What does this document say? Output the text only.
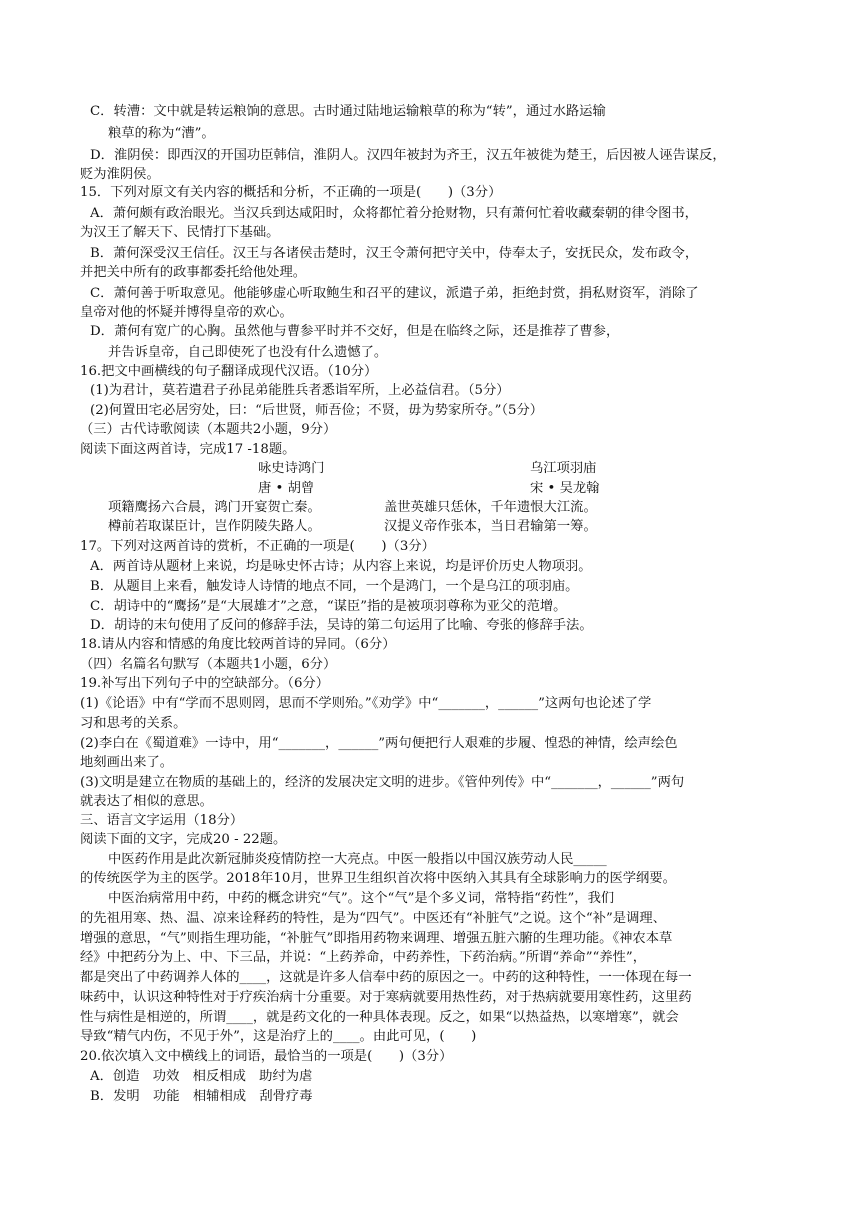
C．转漕：文中就是转运粮饷的意思。古时通过陆地运输粮草的称为“转”，通过水路运输
粮草的称为“漕”。
D．淮阴侯：即西汉的开国功臣韩信，淮阴人。汉四年被封为齐王，汉五年被徙为楚王，后因被人诬告谋反，
贬为淮阴侯。
15．下列对原文有关内容的概括和分析，不正确的一项是(　　)（3分）
A．萧何颇有政治眼光。当汉兵到达咸阳时，众将都忙着分抢财物，只有萧何忙着收藏秦朝的律令图书，
为汉王了解天下、民情打下基础。
B．萧何深受汉王信任。汉王与各诸侯击楚时，汉王令萧何把守关中，侍奉太子，安抚民众，发布政令，
并把关中所有的政事都委托给他处理。
C．萧何善于听取意见。他能够虚心听取鲍生和召平的建议，派遣子弟，拒绝封赏，捐私财资军，消除了
皇帝对他的怀疑并博得皇帝的欢心。
D．萧何有宽广的心胸。虽然他与曹参平时并不交好，但是在临终之际，还是推荐了曹参，
并告诉皇帝，自己即使死了也没有什么遗憾了。
16.把文中画横线的句子翻译成现代汉语。（10分）
(1)为君计，莫若遣君子孙昆弟能胜兵者悉诣军所，上必益信君。（5分）
(2)何置田宅必居穷处，曰：“后世贤，师吾俭；不贤，毋为势家所夺。”（5分）
（三）古代诗歌阅读（本题共2小题，9分）
阅读下面这两首诗，完成17 -18题。
咏史诗鸿门	乌江项羽庙
唐 • 胡曾	宋 • 吴龙翰
项籍鹰扬六合晨，鸿门开宴贺亡秦。	盖世英雄只恁休，千年遗恨大江流。
樽前若取谋臣计，岂作阴陵失路人。	汉提义帝作张本，当日君输第一筹。
17。下列对这两首诗的赏析，不正确的一项是(　　)（3分）
A．两首诗从题材上来说，均是咏史怀古诗；从内容上来说，均是评价历史人物项羽。
B．从题目上来看，触发诗人诗情的地点不同，一个是鸿门，一个是乌江的项羽庙。
C．胡诗中的“鹰扬”是“大展雄才”之意，“谋臣”指的是被项羽尊称为亚父的范增。
D．胡诗的末句使用了反问的修辞手法，吴诗的第二句运用了比喻、夸张的修辞手法。
18.请从内容和情感的角度比较两首诗的异同。（6分）
（四）名篇名句默写（本题共1小题，6分）
19.补写出下列句子中的空缺部分。（6分）
(1)《论语》中有“学而不思则罔，思而不学则殆。”《劝学》中“_______，______”这两句也论述了学
习和思考的关系。
(2)李白在《蜀道难》一诗中，用“_______，______”两句便把行人艰难的步履、惶恐的神情，绘声绘色
地刻画出来了。
(3)文明是建立在物质的基础上的，经济的发展决定文明的进步。《管仲列传》中“_______，______”两句
就表达了相似的意思。
三、语言文字运用（18分）
阅读下面的文字，完成20 - 22题。
中医药作用是此次新冠肺炎疫情防控一大亮点。中医一般指以中国汉族劳动人民_____
的传统医学为主的医学。2018年10月，世界卫生组织首次将中医纳入其具有全球影响力的医学纲要。
中医治病常用中药，中药的概念讲究“气”。这个“气”是个多义词，常特指“药性”，我们
的先祖用寒、热、温、凉来诠释药的特性，是为“四气”。中医还有“补脏气”之说。这个“补”是调理、
增强的意思，“气”则指生理功能，“补脏气”即指用药物来调理、增强五脏六腑的生理功能。《神农本草
经》中把药分为上、中、下三品，并说：“上药养命，中药养性，下药治病。”所谓“养命”“养性”，
都是突出了中药调养人体的____，这就是许多人信奉中药的原因之一。中药的这种特性，一一体现在每一
味药中，认识这种特性对于疗疾治病十分重要。对于寒病就要用热性药，对于热病就要用寒性药，这里药
性与病性是相逆的，所谓____，就是药文化的一种具体表现。反之，如果“以热益热，以寒增寒”，就会
导致“精气内伤，不见于外”，这是治疗上的____。由此可见，(　　)
20.依次填入文中横线上的词语，最恰当的一项是(　　)（3分）
A．创造　功效　相反相成　助纣为虐
B．发明　功能　相辅相成　刮骨疗毒
